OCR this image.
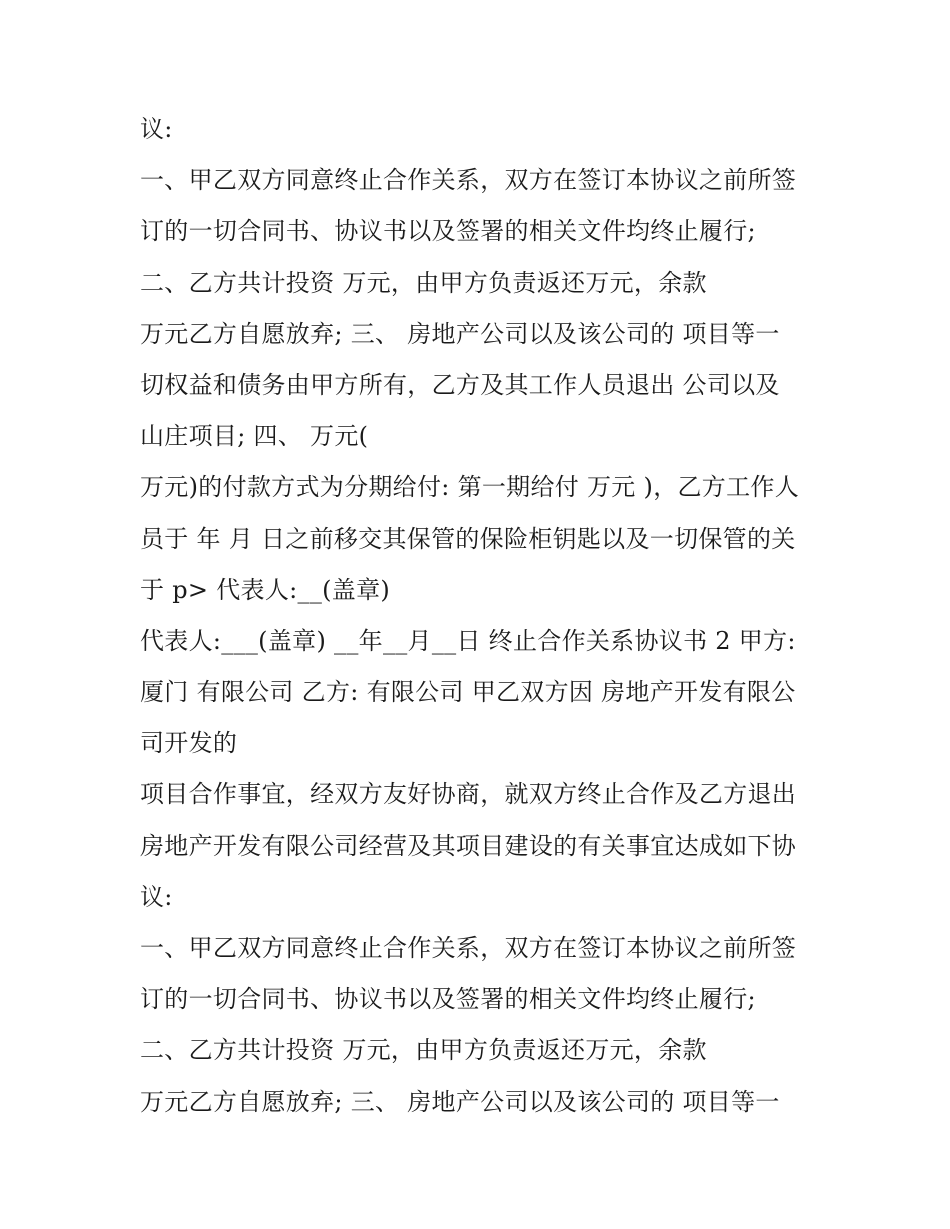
议:
一、甲乙双方同意终止合作关系，双方在签订本协议之前所签
订的一切合同书、协议书以及签署的相关文件均终止履行;
二、乙方共计投资 万元，由甲方负责返还万元，余款
万元乙方自愿放弃; 三、 房地产公司以及该公司的 项目等一
切权益和债务由甲方所有，乙方及其工作人员退出 公司以及
山庄项目; 四、 万元(
万元)的付款方式为分期给付: 第一期给付 万元 )，乙方工作人
员于 年 月 日之前移交其保管的保险柜钥匙以及一切保管的关
于 p> 代表人:__(盖章)
代表人:___(盖章) __年__月__日 终止合作关系协议书 2 甲方:
厦门 有限公司 乙方: 有限公司 甲乙双方因 房地产开发有限公
司开发的
项目合作事宜，经双方友好协商，就双方终止合作及乙方退出
房地产开发有限公司经营及其项目建设的有关事宜达成如下协
议:
一、甲乙双方同意终止合作关系，双方在签订本协议之前所签
订的一切合同书、协议书以及签署的相关文件均终止履行;
二、乙方共计投资 万元，由甲方负责返还万元，余款
万元乙方自愿放弃; 三、 房地产公司以及该公司的 项目等一
